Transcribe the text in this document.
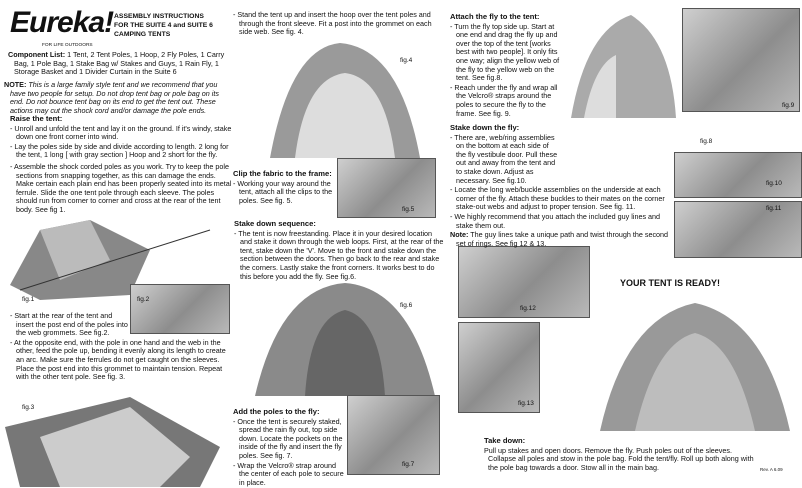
Eureka! ASSEMBLY INSTRUCTIONS
FOR THE SUITE 4 and SUITE 6
CAMPING TENTS
FOR LIFE OUTDOORS
Component List: 1 Tent, 2 Tent Poles, 1 Hoop, 2 Fly Poles, 1 Carry Bag, 1 Pole Bag, 1 Stake Bag w/ Stakes and Guys, 1 Rain Fly, 1 Storage Basket and 1 Divider Curtain in the Suite 6
NOTE: This is a large family style tent and we recommend that you have two people for setup. Do not drop tent bag or pole bag on its end. Do not bounce tent bag on its end to get the tent out. These actions may cut the shock cord and/or damage the pole ends.
Raise the tent:
- Unroll and unfold the tent and lay it on the ground. If it's windy, stake down one front corner into wind.
- Lay the poles side by side and divide according to length. 2 long for the tent, 1 long [ with gray section ] Hoop and 2 short for the fly.
- Assemble the shock corded poles as you work. Try to keep the pole sections from snapping together, as this can damage the ends. Make certain each plain end has been properly seated into its metal ferrule. Slide the one tent pole through each sleeve. The poles should run from corner to corner and cross at the rear of the tent body. See fig 1.
fig.1	fig.2
- Start at the rear of the tent and insert the post end of the poles into the web grommets. See fig.2.
- At the opposite end, with the pole in one hand and the web in the other, feed the pole up, bending it evenly along its length to create an arc. Make sure the ferrules do not get caught on the sleeves. Place the post end into this grommet to maintain tension. Repeat with the other tent pole. See fig. 3.
fig.3
- Stand the tent up and insert the hoop over the tent poles and through the front sleeve. Fit a post into the grommet on each side web. See fig. 4.
fig.4
Clip the fabric to the frame:
- Working your way around the tent, attach all the clips to the poles. See fig. 5.
fig.5
Stake down sequence:
- The tent is now freestanding. Place it in your desired location and stake it down through the web loops. First, at the rear of the tent, stake down the 'V'. Move to the front and stake down the section between the doors. Then go back to the rear and stake the corners. Lastly stake the front corners. It works best to do this before you add the fly. See fig.6.
fig.6
Add the poles to the fly:
- Once the tent is securely staked, spread the rain fly out, top side down. Locate the pockets on the inside of the fly and insert the fly poles. See fig. 7.
- Wrap the Velcro® strap around the center of each pole to secure in place.
fig.7
Attach the fly to the tent:
- Turn the fly top side up. Start at one end and drag the fly up and over the top of the tent [works best with two people]. It only fits one way; align the yellow web of the fly to the yellow web on the tent. See fig.8.
- Reach under the fly and wrap all the Velcro® straps around the poles to secure the fly to the frame. See fig. 9.
fig.8
fig.9
Stake down the fly:
- There are, web/ring assemblies on the bottom at each side of the fly vestibule door. Pull these out and away from the tent and to stake down. Adjust as necessary. See fig.10.
- Locate the long web/buckle assemblies on the underside at each corner of the fly. Attach these buckles to their mates on the corner stake-out webs and adjust to proper tension. See fig. 11.
- We highly recommend that you attach the included guy lines and stake them out.
Note: The guy lines take a unique path and twist through the second set of rings. See fig 12 & 13.
fig.10
fig.11
fig.12
fig.13
YOUR TENT IS READY!
Take down:
Pull up stakes and open doors. Remove the fly. Push poles out of the sleeves. Collapse all poles and stow in the pole bag. Fold the tent/fly. Roll up both along with the pole bag towards a door. Stow all in the main bag.	Rev. A 6.09
